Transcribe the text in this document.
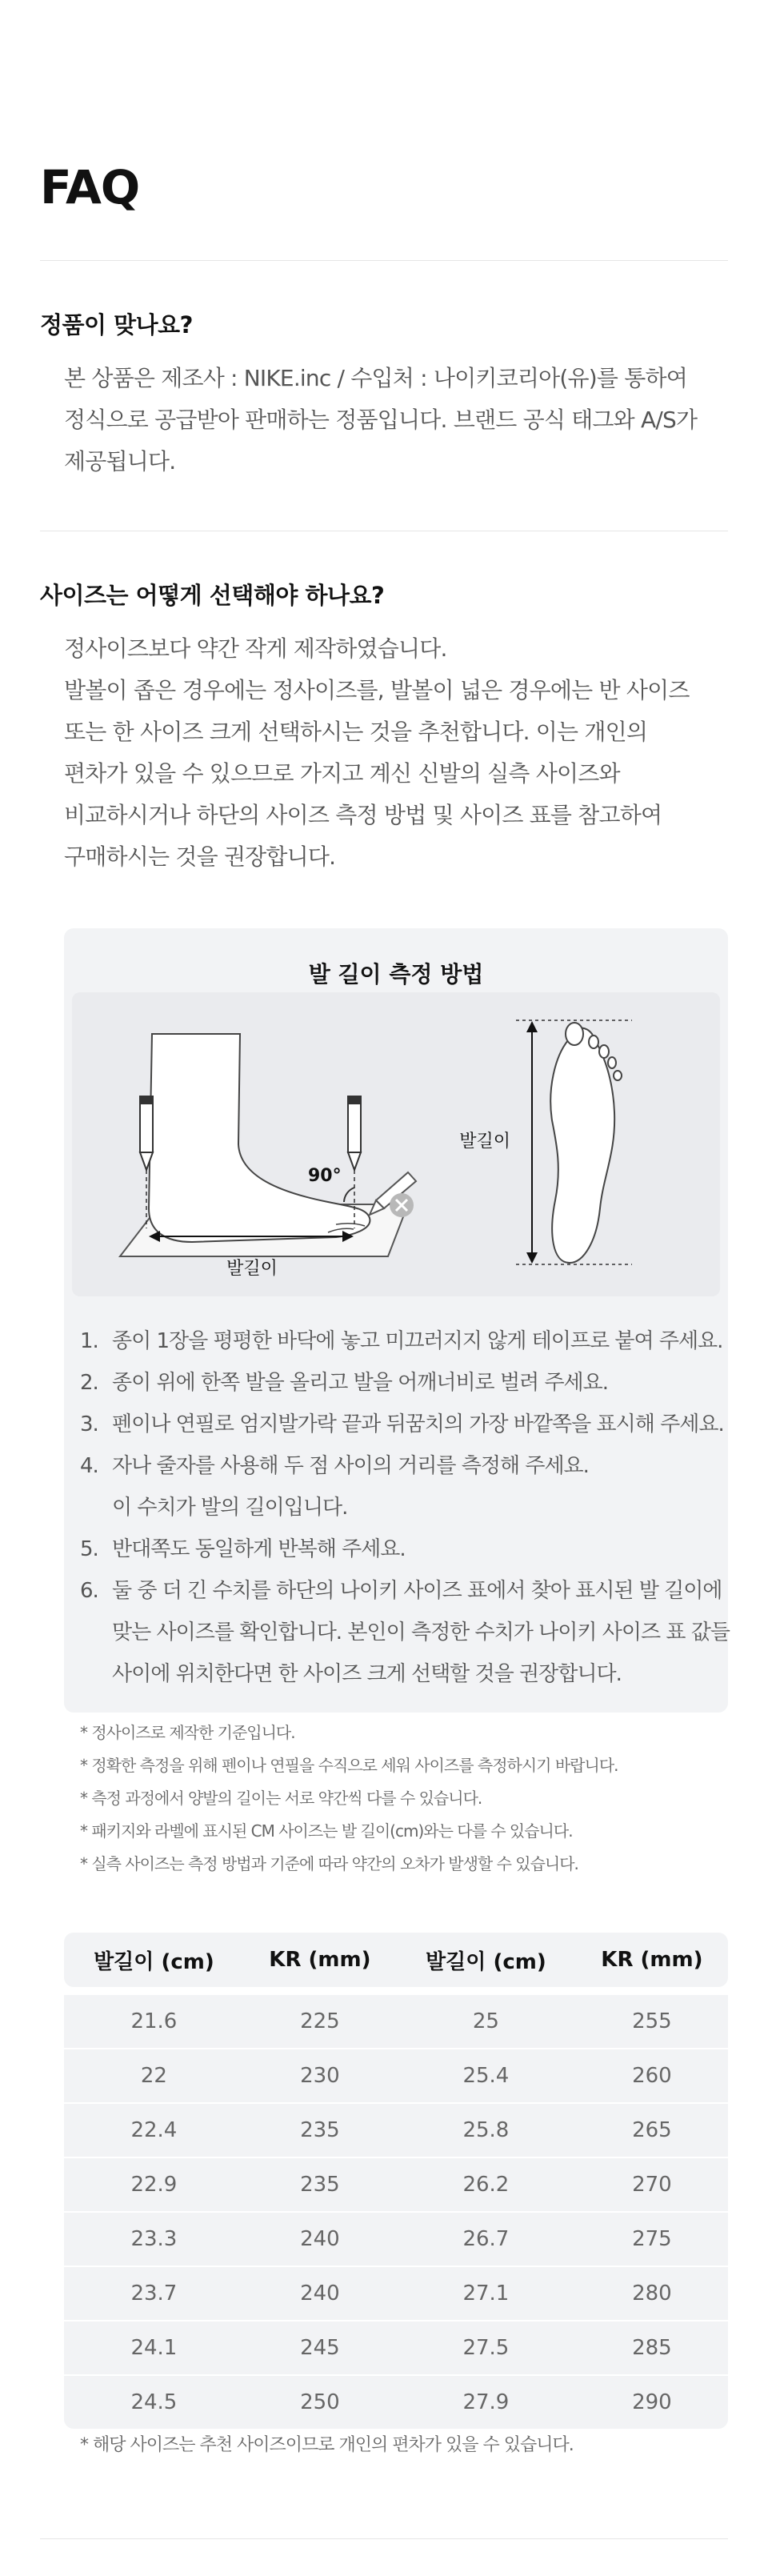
FAQ
정품이 맞나요?

본 상품은 제조사 : NIKE.inc / 수입처 : 나이키코리아(유)를 통하여

정식으로 공급받아 판매하는 정품입니다. 브랜드 공식 태그와 A/S가

제공됩니다.

사이즈는 어떻게 선택해야 하나요?

정사이즈보다 약간 작게 제작하였습니다.

발볼이 좁은 경우에는 정사이즈를, 발볼이 넓은 경우에는 반 사이즈

또는 한 사이즈 크게 선택하시는 것을 추천합니다. 이는 개인의

편차가 있을 수 있으므로 가지고 계신 신발의 실측 사이즈와

비교하시거나 하단의 사이즈 측정 방법 및 사이즈 표를 참고하여

구매하시는 것을 권장합니다.

발 길이 측정 방법
90°
발길이
발길이
1. 종이 1장을 평평한 바닥에 놓고 미끄러지지 않게 테이프로 붙여 주세요.
2. 종이 위에 한쪽 발을 올리고 발을 어깨너비로 벌려 주세요.
3. 펜이나 연필로 엄지발가락 끝과 뒤꿈치의 가장 바깥쪽을 표시해 주세요.
4. 자나 줄자를 사용해 두 점 사이의 거리를 측정해 주세요.
이 수치가 발의 길이입니다.
5. 반대쪽도 동일하게 반복해 주세요.
6. 둘 중 더 긴 수치를 하단의 나이키 사이즈 표에서 찾아 표시된 발 길이에
맞는 사이즈를 확인합니다. 본인이 측정한 수치가 나이키 사이즈 표 값들
사이에 위치한다면 한 사이즈 크게 선택할 것을 권장합니다.
* 정사이즈로 제작한 기준입니다.
* 정확한 측정을 위해 펜이나 연필을 수직으로 세워 사이즈를 측정하시기 바랍니다.
* 측정 과정에서 양발의 길이는 서로 약간씩 다를 수 있습니다.
* 패키지와 라벨에 표시된 CM 사이즈는 발 길이(cm)와는 다를 수 있습니다.
* 실측 사이즈는 측정 방법과 기준에 따라 약간의 오차가 발생할 수 있습니다.
발길이 (cm)	KR (mm)	발길이 (cm)	KR (mm)

21.6	225	25	255
22	230	25.4	260
22.4	235	25.8	265
22.9	235	26.2	270
23.3	240	26.7	275
23.7	240	27.1	280
24.1	245	27.5	285
24.5	250	27.9	290

* 해당 사이즈는 추천 사이즈이므로 개인의 편차가 있을 수 있습니다.
